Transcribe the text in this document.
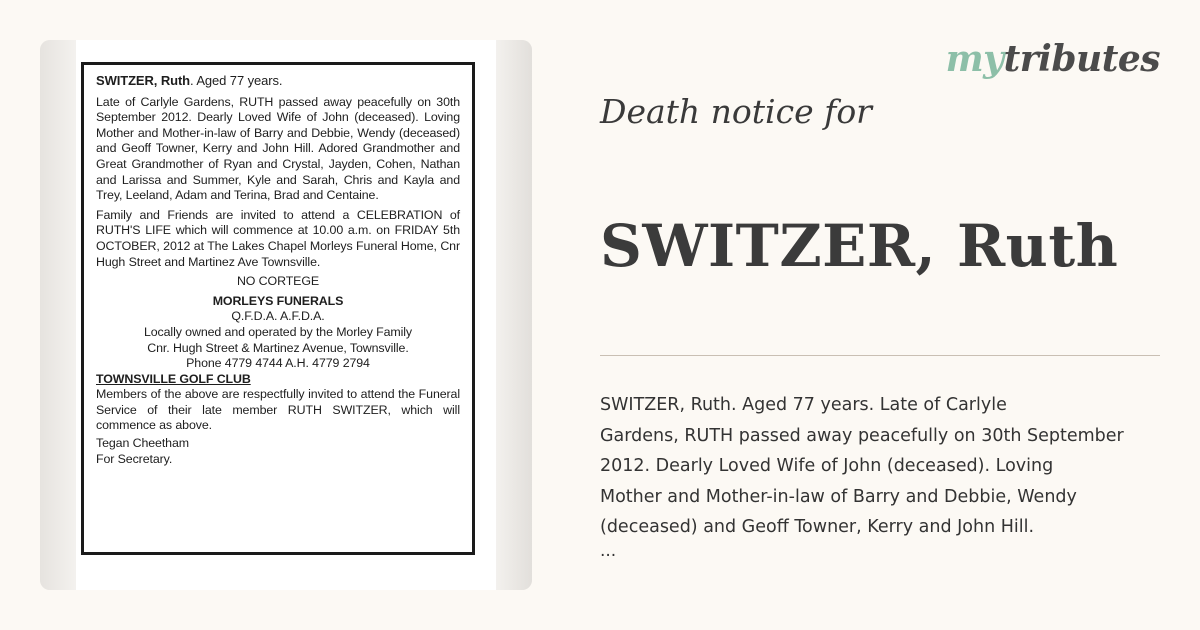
SWITZER, Ruth. Aged 77 years.

Late of Carlyle Gardens, RUTH passed away peacefully on 30th September 2012. Dearly Loved Wife of John (deceased). Loving Mother and Mother-in-law of Barry and Debbie, Wendy (deceased) and Geoff Towner, Kerry and John Hill. Adored Grandmother and Great Grandmother of Ryan and Crystal, Jayden, Cohen, Nathan and Larissa and Summer, Kyle and Sarah, Chris and Kayla and Trey, Leeland, Adam and Terina, Brad and Centaine.

Family and Friends are invited to attend a CELEBRATION of RUTH'S LIFE which will commence at 10.00 a.m. on FRIDAY 5th OCTOBER, 2012 at The Lakes Chapel Morleys Funeral Home, Cnr Hugh Street and Martinez Ave Townsville.

NO CORTEGE

MORLEYS FUNERALS

Q.F.D.A. A.F.D.A.

Locally owned and operated by the Morley Family

Cnr. Hugh Street & Martinez Avenue, Townsville.

Phone 4779 4744 A.H. 4779 2794

TOWNSVILLE GOLF CLUB

Members of the above are respectfully invited to attend the Funeral Service of their late member RUTH SWITZER, which will commence as above.

Tegan Cheetham

For Secretary.

mytributes

Death notice for

SWITZER, Ruth

SWITZER, Ruth. Aged 77 years. Late of Carlyle
Gardens, RUTH passed away peacefully on 30th September
2012. Dearly Loved Wife of John (deceased). Loving
Mother and Mother-in-law of Barry and Debbie, Wendy
(deceased) and Geoff Towner, Kerry and John Hill.

...
